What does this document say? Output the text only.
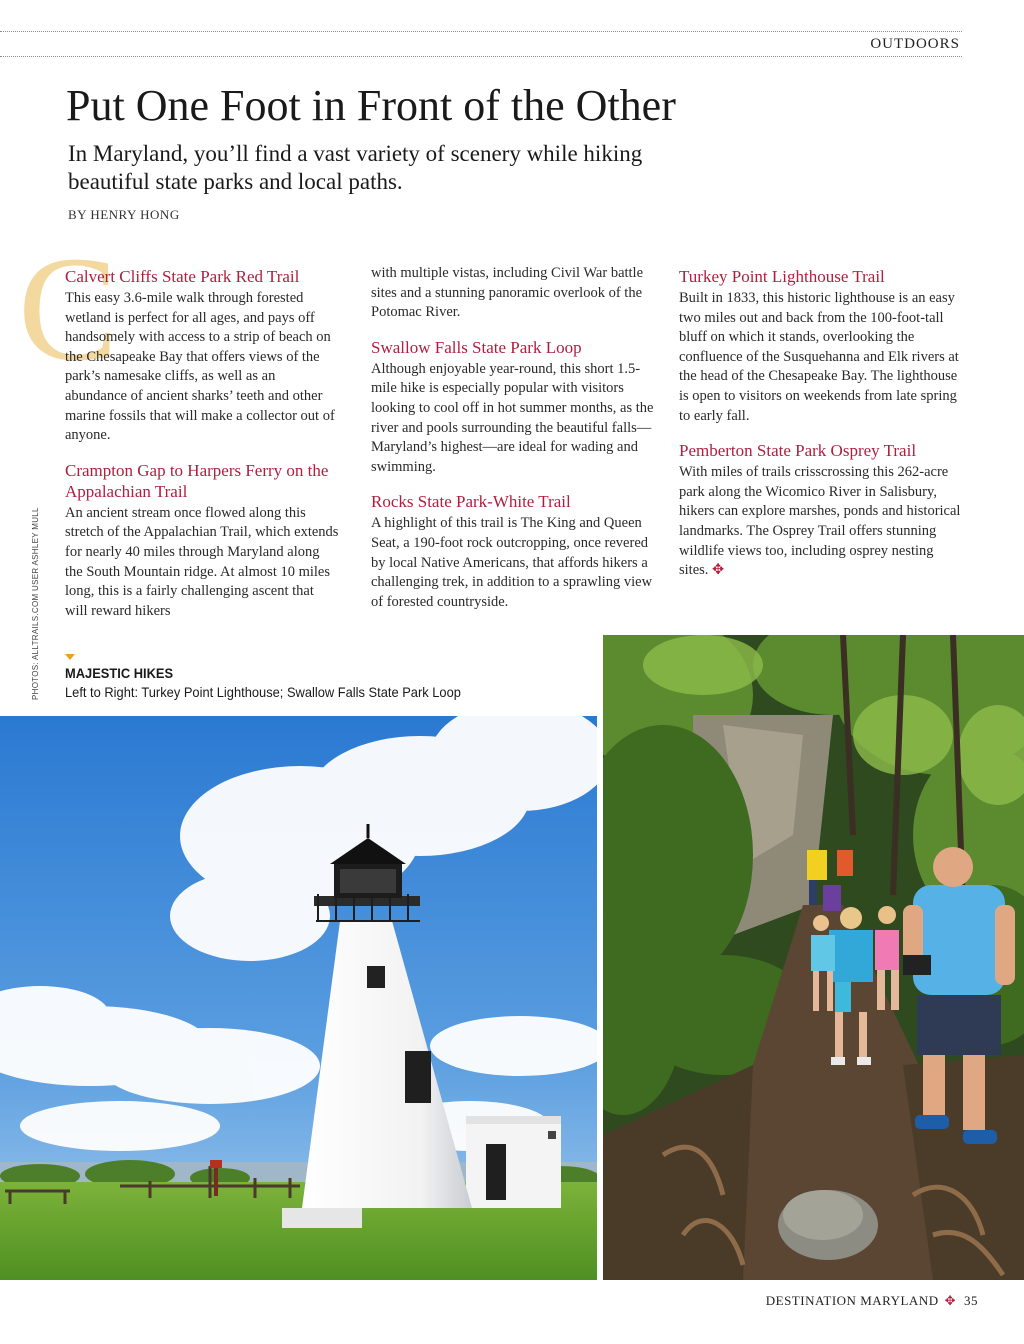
OUTDOORS
Put One Foot in Front of the Other
In Maryland, you’ll find a vast variety of scenery while hiking beautiful state parks and local paths.
BY HENRY HONG
C
Calvert Cliffs State Park Red Trail

This easy 3.6-mile walk through forested wetland is perfect for all ages, and pays off handsomely with access to a strip of beach on the Chesapeake Bay that offers views of the park’s namesake cliffs, as well as an abundance of ancient sharks’ teeth and other marine fossils that will make a collector out of anyone.

Crampton Gap to Harpers Ferry on the Appalachian Trail

An ancient stream once flowed along this stretch of the Appalachian Trail, which extends for nearly 40 miles through Maryland along the South Mountain ridge. At almost 10 miles long, this is a fairly challenging ascent that will reward hikers

with multiple vistas, including Civil War battle sites and a stunning panoramic overlook of the Potomac River.

Swallow Falls State Park Loop

Although enjoyable year-round, this short 1.5-mile hike is especially popular with visitors looking to cool off in hot summer months, as the river and pools surrounding the beautiful falls—Maryland’s highest—are ideal for wading and swimming.

Rocks State Park-White Trail

A highlight of this trail is The King and Queen Seat, a 190-foot rock outcropping, once revered by local Native Americans, that affords hikers a challenging trek, in addition to a sprawling view of forested countryside.

Turkey Point Lighthouse Trail

Built in 1833, this historic lighthouse is an easy two miles out and back from the 100-foot-tall bluff on which it stands, overlooking the confluence of the Susquehanna and Elk rivers at the head of the Chesapeake Bay. The lighthouse is open to visitors on weekends from late spring to early fall.

Pemberton State Park Osprey Trail

With miles of trails crisscrossing this 262-acre park along the Wicomico River in Salisbury, hikers can explore marshes, ponds and historical landmarks. The Osprey Trail offers stunning wildlife views too, including osprey nesting sites. ✥

PHOTOS: ALLTRAILS.COM USER ASHLEY MULL MAJESTIC HIKES
Left to Right: Turkey Point Lighthouse; Swallow Falls State Park Loop
DESTINATION MARYLAND ✥ 35
